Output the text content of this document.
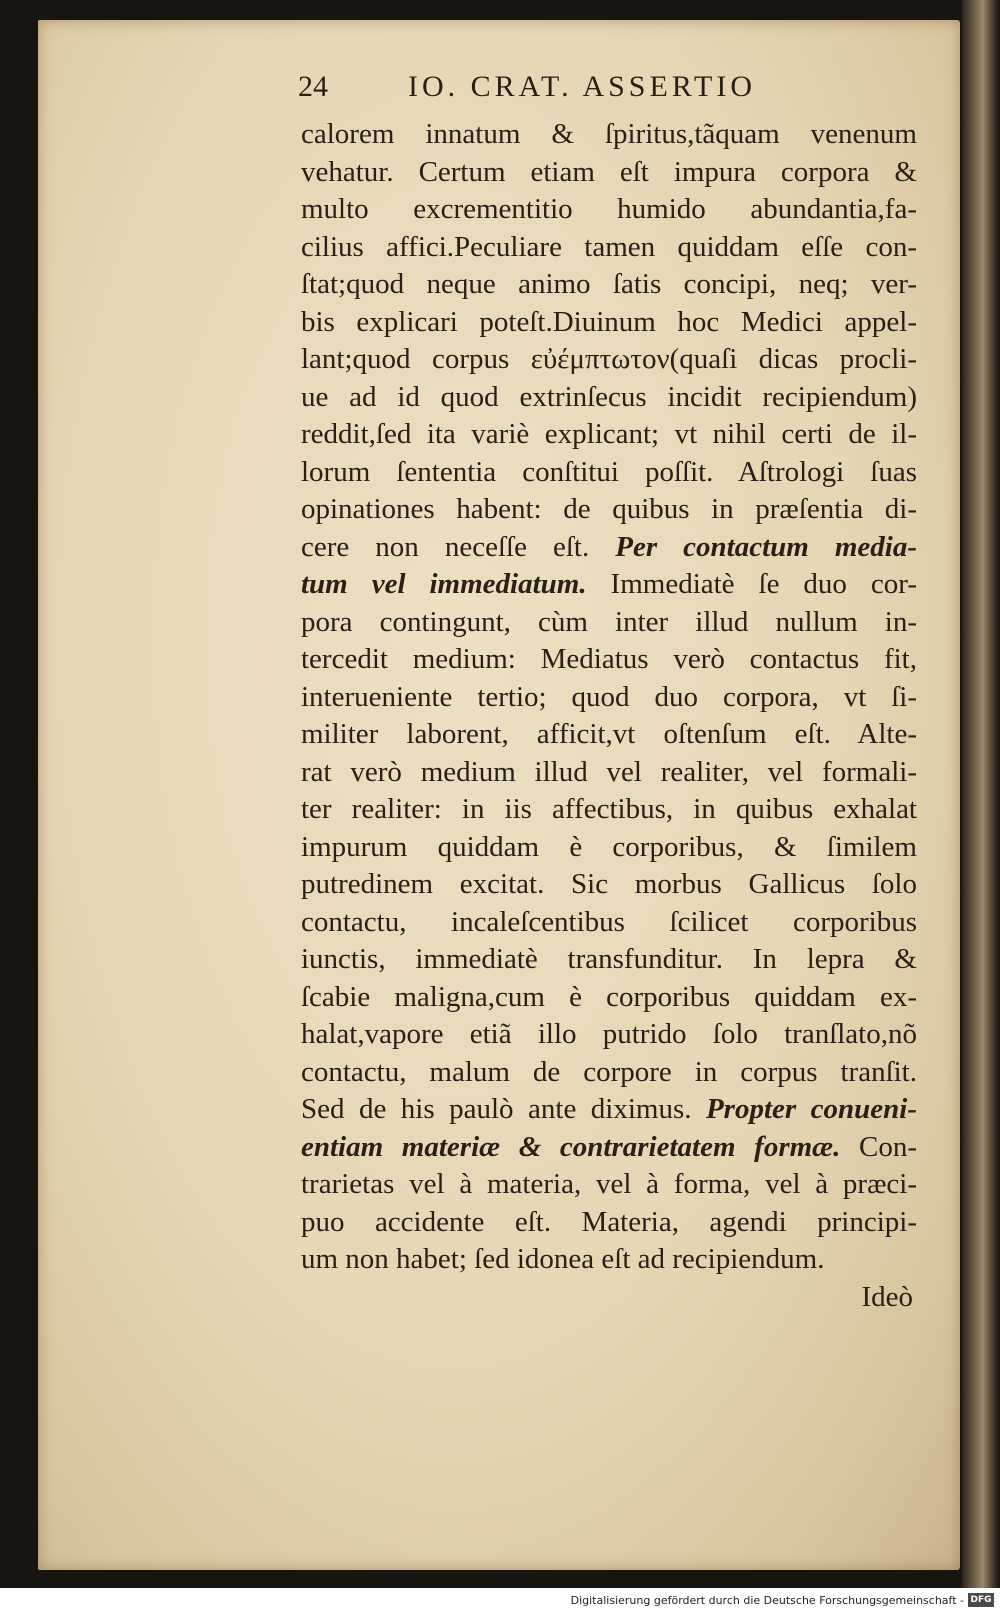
24	IO. CRAT. ASSERTIO
calorem innatum & ſpiritus,tãquam venenum
vehatur. Certum etiam eſt impura corpora &
multo excrementitio humido abundantia,fa-
cilius affici.Peculiare tamen quiddam eſſe con-
ſtat;quod neque animo ſatis concipi, neq; ver-
bis explicari poteſt.Diuinum hoc Medici appel-
lant;quod corpus εὐέμπτωτον(quaſi dicas procli-
ue ad id quod extrinſecus incidit recipiendum)
reddit,ſed ita variè explicant; vt nihil certi de il-
lorum ſententia conſtitui poſſit. Aſtrologi ſuas
opinationes habent: de quibus in præſentia di-
cere non neceſſe eſt. Per contactum media-
tum vel immediatum. Immediatè ſe duo cor-
pora contingunt, cùm inter illud nullum in-
tercedit medium: Mediatus verò contactus fit,
interueniente tertio; quod duo corpora, vt ſi-
militer laborent, afficit,vt oſtenſum eſt. Alte-
rat verò medium illud vel realiter, vel formali-
ter realiter: in iis affectibus, in quibus exhalat
impurum quiddam è corporibus, & ſimilem
putredinem excitat. Sic morbus Gallicus ſolo
contactu, incaleſcentibus ſcilicet corporibus
iunctis, immediatè transfunditur. In lepra &
ſcabie maligna,cum è corporibus quiddam ex-
halat,vapore etiã illo putrido ſolo tranſlato,nõ
contactu, malum de corpore in corpus tranſit.
Sed de his paulò ante diximus. Propter conueni-
entiam materiæ & contrarietatem formæ. Con-
trarietas vel à materia, vel à forma, vel à præci-
puo accidente eſt. Materia, agendi principi-
um non habet; ſed idonea eſt ad recipiendum.
Ideò
Digitalisierung gefördert durch die Deutsche Forschungsgemeinschaft - DFG
